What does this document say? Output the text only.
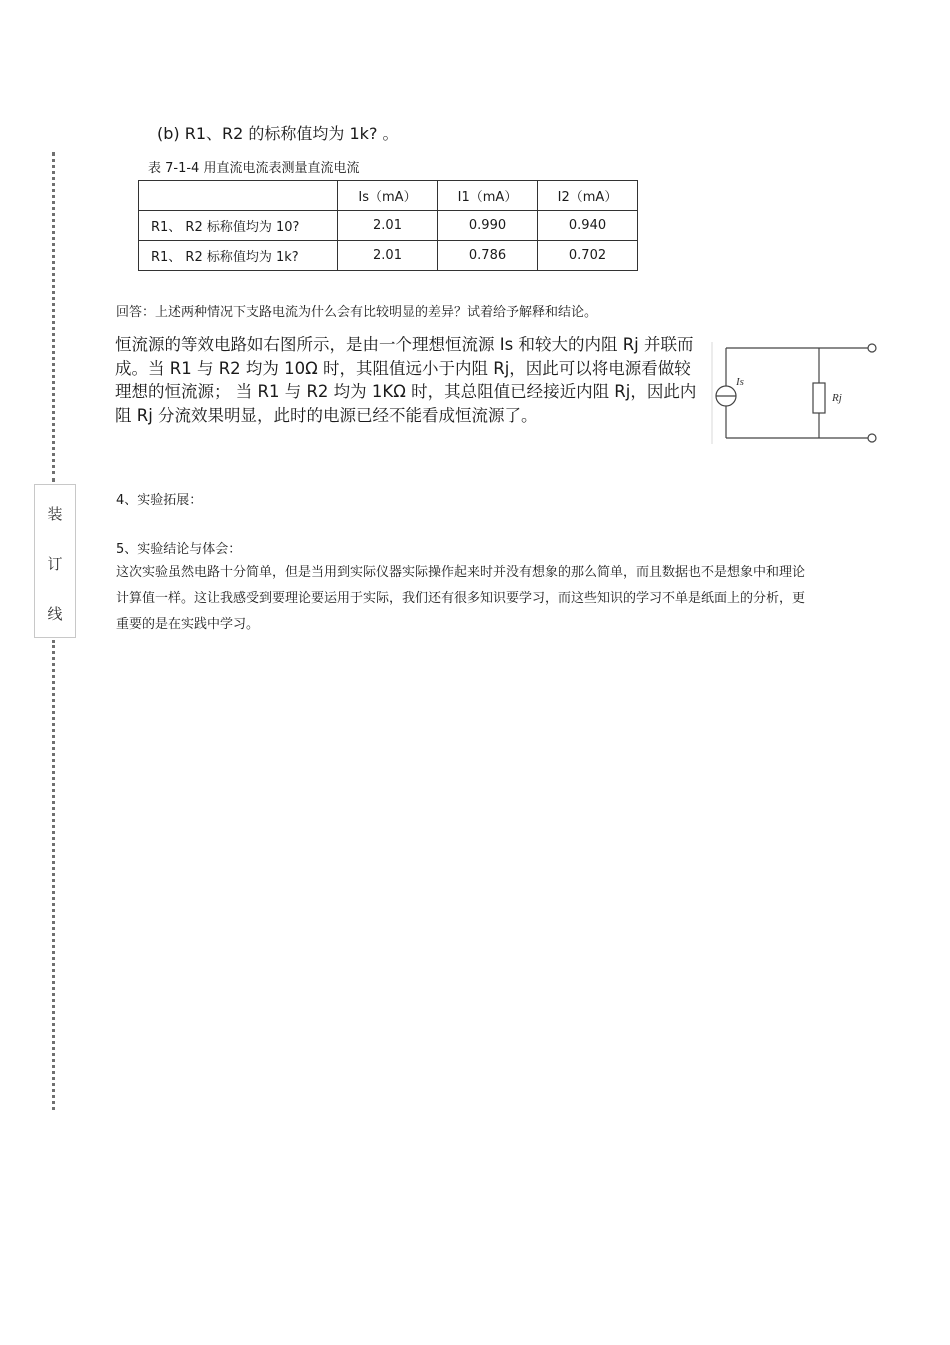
装
订
线
(b) R1、R2 的标称值均为 1k? 。
表 7-1-4 用直流电流表测量直流电流
	Is（mA）	I1（mA）	I2（mA）
R1、 R2 标称值均为 10?	2.01	0.990	0.940
R1、 R2 标称值均为 1k?	2.01	0.786	0.702
回答：上述两种情况下支路电流为什么会有比较明显的差异？试着给予解释和结论。
恒流源的等效电路如右图所示，是由一个理想恒流源 Is 和较大的内阻 Rj 并联而成。当 R1 与 R2 均为 10Ω 时，其阻值远小于内阻 Rj，因此可以将电源看做较理想的恒流源； 当 R1 与 R2 均为 1KΩ 时，其总阻值已经接近内阻 Rj，因此内阻 Rj 分流效果明显，此时的电源已经不能看成恒流源了。
Is
Rj
4、实验拓展：
5、实验结论与体会：
这次实验虽然电路十分简单，但是当用到实际仪器实际操作起来时并没有想象的那么简单，而且数据也不是想象中和理论计算值一样。这让我感受到要理论要运用于实际，我们还有很多知识要学习，而这些知识的学习不单是纸面上的分析，更重要的是在实践中学习。
